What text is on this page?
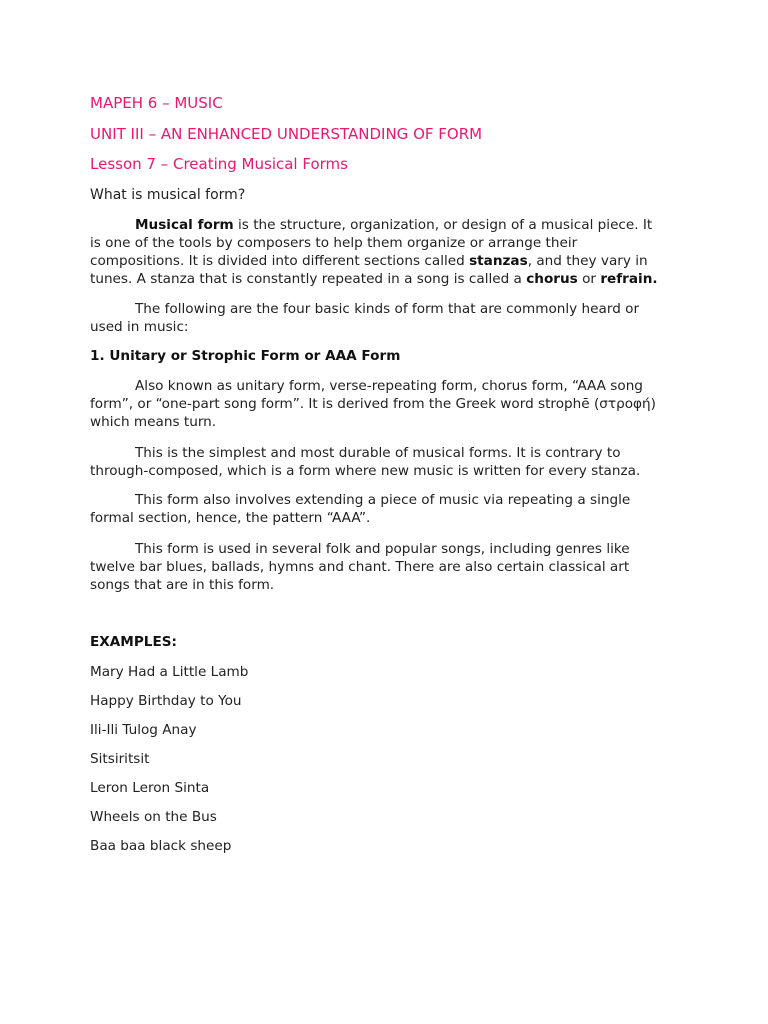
MAPEH 6 – MUSIC
UNIT III – AN ENHANCED UNDERSTANDING OF FORM
Lesson 7 – Creating Musical Forms
What is musical form?
Musical form is the structure, organization, or design of a musical piece. It
is one of the tools by composers to help them organize or arrange their
compositions. It is divided into different sections called stanzas, and they vary in
tunes. A stanza that is constantly repeated in a song is called a chorus or refrain.
The following are the four basic kinds of form that are commonly heard or
used in music:
1. Unitary or Strophic Form or AAA Form
Also known as unitary form, verse-repeating form, chorus form, “AAA song
form”, or “one-part song form”. It is derived from the Greek word strophē (στροφή)
which means turn.
This is the simplest and most durable of musical forms. It is contrary to
through-composed, which is a form where new music is written for every stanza.
This form also involves extending a piece of music via repeating a single
formal section, hence, the pattern “AAA”.
This form is used in several folk and popular songs, including genres like
twelve bar blues, ballads, hymns and chant. There are also certain classical art
songs that are in this form.
EXAMPLES:
Mary Had a Little Lamb
Happy Birthday to You
Ili-Ili Tulog Anay
Sitsiritsit
Leron Leron Sinta
Wheels on the Bus
Baa baa black sheep
